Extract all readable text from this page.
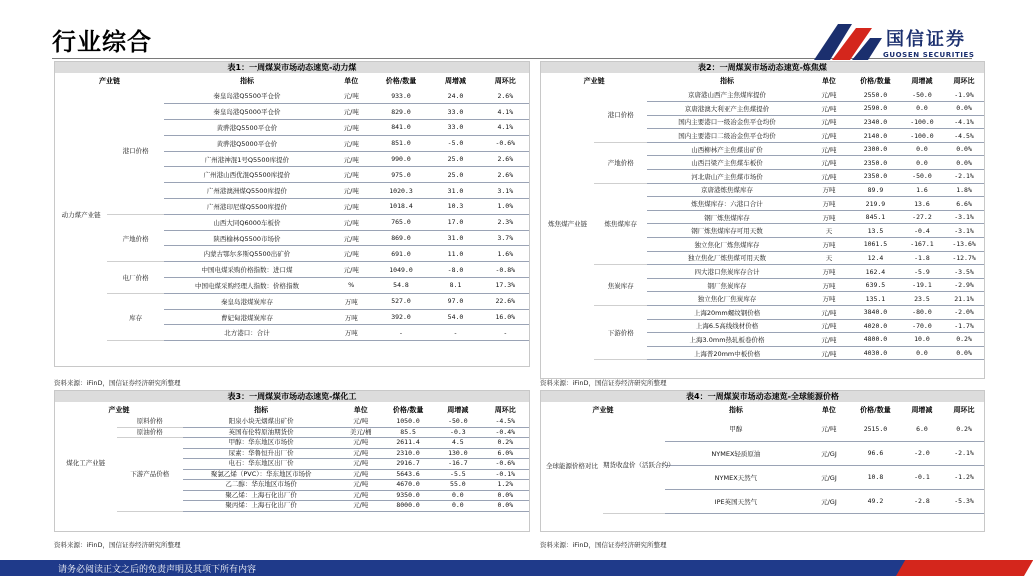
行业综合	国信证券
GUOSEN SECURITIES
表1：一周煤炭市场动态速览-动力煤
产业链		指标	单位	价格/数量	周增减	周环比
动力煤产业链	港口价格	秦皇岛港Q5500平仓价	元/吨	933.0	24.0	2.6%
		秦皇岛港Q5000平仓价	元/吨	829.0	33.0	4.1%
		黄骅港Q5500平仓价	元/吨	841.0	33.0	4.1%
		黄骅港Q5000平仓价	元/吨	851.0	-5.0	-0.6%
		广州港神混1号Q5500库提价	元/吨	990.0	25.0	2.6%
		广州港山西优混Q5500库提价	元/吨	975.0	25.0	2.6%
		广州港澳洲煤Q5500库提价	元/吨	1020.3	31.0	3.1%
		广州港印尼煤Q5500库提价	元/吨	1018.4	10.3	1.0%
	产地价格	山西大同Q6000车板价	元/吨	765.0	17.0	2.3%
		陕西榆林Q5500市场价	元/吨	869.0	31.0	3.7%
		内蒙古鄂尔多斯Q5500出矿价	元/吨	691.0	11.0	1.6%
	电厂价格	中国电煤采购价格指数：进口煤	元/吨	1049.0	-8.0	-0.8%
		中国电煤采购经理人指数：价格指数	%	54.8	8.1	17.3%
	库存	秦皇岛港煤炭库存	万吨	527.0	97.0	22.6%
		曹妃甸港煤炭库存	万吨	392.0	54.0	16.0%
		北方港口：合计	万吨	-	-	-
表2：一周煤炭市场动态速览-炼焦煤
产业链		指标	单位	价格/数量	周增减	周环比
炼焦煤产业链	港口价格	京唐港山西产主焦煤库提价	元/吨	2550.0	-50.0	-1.9%
		京唐港澳大利亚产主焦煤提价	元/吨	2590.0	0.0	0.0%
		国内主要港口一级冶金焦平仓均价	元/吨	2340.0	-100.0	-4.1%
		国内主要港口二级冶金焦平仓均价	元/吨	2140.0	-100.0	-4.5%
	产地价格	山西柳林产主焦煤出矿价	元/吨	2300.0	0.0	0.0%
		山西吕梁产主焦煤车板价	元/吨	2350.0	0.0	0.0%
		河北唐山产主焦煤市场价	元/吨	2350.0	-50.0	-2.1%
	炼焦煤库存	京唐港炼焦煤库存	万吨	89.9	1.6	1.8%
		炼焦煤库存：六港口合计	万吨	219.9	13.6	6.6%
		钢厂炼焦煤库存	万吨	845.1	-27.2	-3.1%
		钢厂炼焦煤库存可用天数	天	13.5	-0.4	-3.1%
		独立焦化厂炼焦煤库存	万吨	1061.5	-167.1	-13.6%
		独立焦化厂炼焦煤可用天数	天	12.4	-1.8	-12.7%
	焦炭库存	四大港口焦炭库存合计	万吨	162.4	-5.9	-3.5%
		钢厂焦炭库存	万吨	639.5	-19.1	-2.9%
		独立焦化厂焦炭库存	万吨	135.1	23.5	21.1%
	下游价格	上海20mm螺纹钢价格	元/吨	3840.0	-80.0	-2.0%
		上海6.5高线线材价格	元/吨	4020.0	-70.0	-1.7%
		上海3.0mm热轧板卷价格	元/吨	4800.0	10.0	0.2%
		上海普20mm中板价格	元/吨	4030.0	0.0	0.0%
表3：一周煤炭市场动态速览-煤化工
产业链		指标	单位	价格/数量	周增减	周环比
煤化工产业链	原料价格	阳泉小块无烟煤出矿价	元/吨	1050.0	-50.0	-4.5%
	原油价格	英国布伦特原油期货价	美元/桶	85.5	-0.3	-0.4%
	下游产品价格	甲醇：华东地区市场价	元/吨	2611.4	4.5	0.2%
		尿素：华鲁恒升出厂价	元/吨	2310.0	130.0	6.0%
		电石：华东地区出厂价	元/吨	2916.7	-16.7	-0.6%
		聚氯乙烯（PVC）：华东地区市场价	元/吨	5643.6	-5.5	-0.1%
		乙二醇：华东地区市场价	元/吨	4670.0	55.0	1.2%
		聚乙烯：上海石化出厂价	元/吨	9350.0	0.0	0.0%
		聚丙烯：上海石化出厂价	元/吨	8000.0	0.0	0.0%
表4：一周煤炭市场动态速览-全球能源价格
产业链		指标	单位	价格/数量	周增减	周环比
全球能源价格对比	期货收盘价（活跃合约）	甲醇	元/吨	2515.0	6.0	0.2%
		NYMEX轻质原油	元/GJ	96.6	-2.0	-2.1%
		NYMEX天然气	元/GJ	10.8	-0.1	-1.2%
		IPE英国天然气	元/GJ	49.2	-2.8	-5.3%
资料来源：iFinD，国信证券经济研究所整理	资料来源：iFinD，国信证券经济研究所整理
资料来源：iFinD，国信证券经济研究所整理	资料来源：iFinD，国信证券经济研究所整理
请务必阅读正文之后的免责声明及其项下所有内容
